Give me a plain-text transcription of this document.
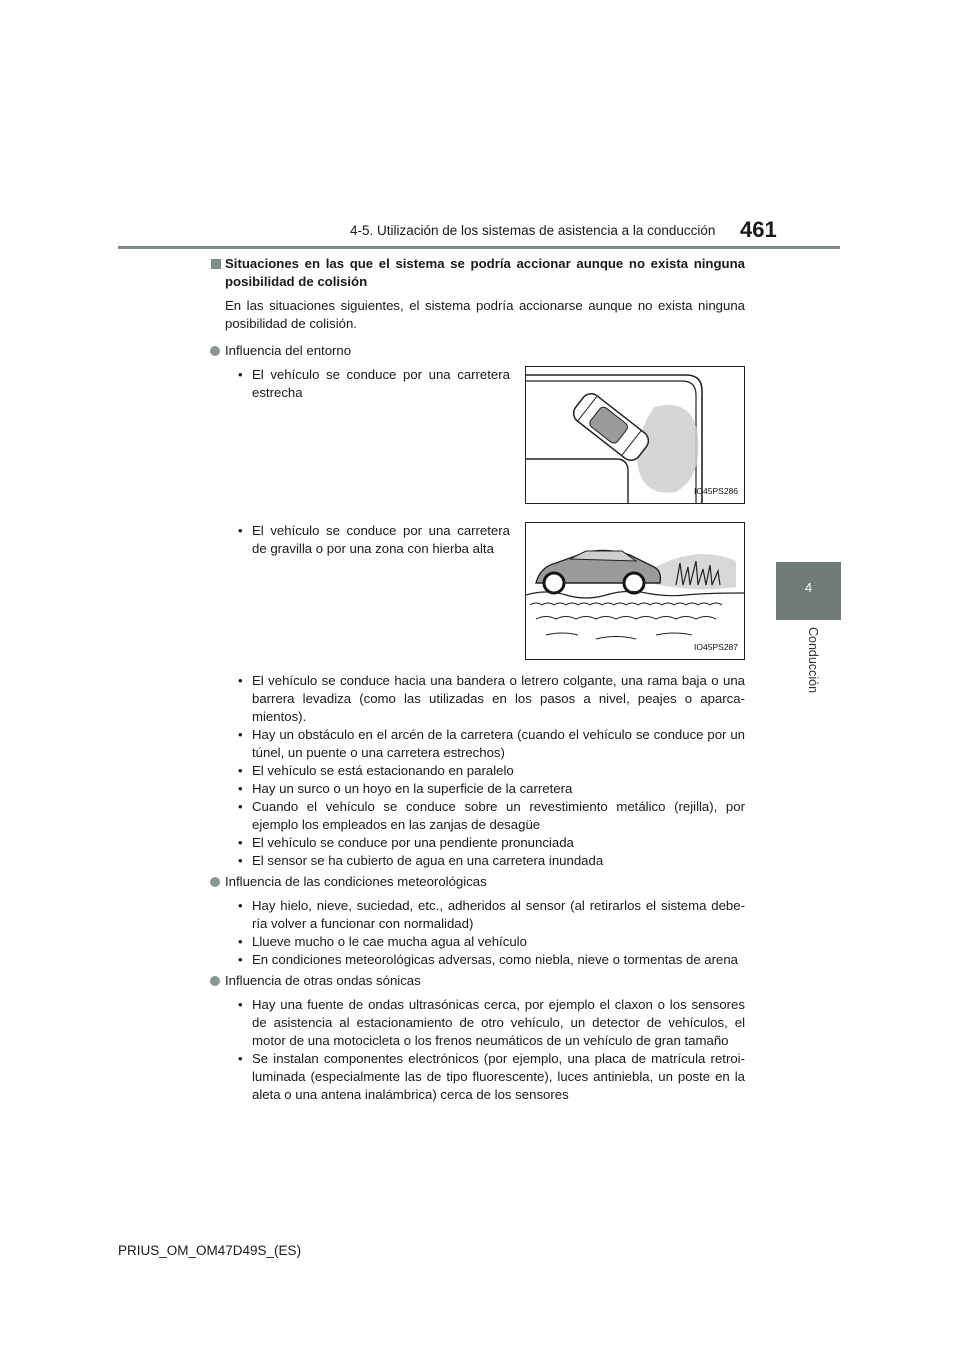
4-5. Utilización de los sistemas de asistencia a la conducción 461
4
Conducción
Situaciones en las que el sistema se podría accionar aunque no exista ninguna posibilidad de colisión
En las situaciones siguientes, el sistema podría accionarse aunque no exista ninguna posibilidad de colisión.
Influencia del entorno
• El vehículo se conduce por una carretera estrecha
IO45PS286
• El vehículo se conduce por una carretera de gravilla o por una zona con hierba alta
IO45PS287
• El vehículo se conduce hacia una bandera o letrero colgante, una rama baja o una barrera levadiza (como las utilizadas en los pasos a nivel, peajes o aparca-mientos).
• Hay un obstáculo en el arcén de la carretera (cuando el vehículo se conduce por un túnel, un puente o una carretera estrechos)
• El vehículo se está estacionando en paralelo
• Hay un surco o un hoyo en la superficie de la carretera
• Cuando el vehículo se conduce sobre un revestimiento metálico (rejilla), por ejemplo los empleados en las zanjas de desagüe
• El vehículo se conduce por una pendiente pronunciada
• El sensor se ha cubierto de agua en una carretera inundada
Influencia de las condiciones meteorológicas
• Hay hielo, nieve, suciedad, etc., adheridos al sensor (al retirarlos el sistema debe-ría volver a funcionar con normalidad)
• Llueve mucho o le cae mucha agua al vehículo
• En condiciones meteorológicas adversas, como niebla, nieve o tormentas de arena
Influencia de otras ondas sónicas
• Hay una fuente de ondas ultrasónicas cerca, por ejemplo el claxon o los sensores de asistencia al estacionamiento de otro vehículo, un detector de vehículos, el motor de una motocicleta o los frenos neumáticos de un vehículo de gran tamaño
• Se instalan componentes electrónicos (por ejemplo, una placa de matrícula retroi-luminada (especialmente las de tipo fluorescente), luces antiniebla, un poste en la aleta o una antena inalámbrica) cerca de los sensores
PRIUS_OM_OM47D49S_(ES)
